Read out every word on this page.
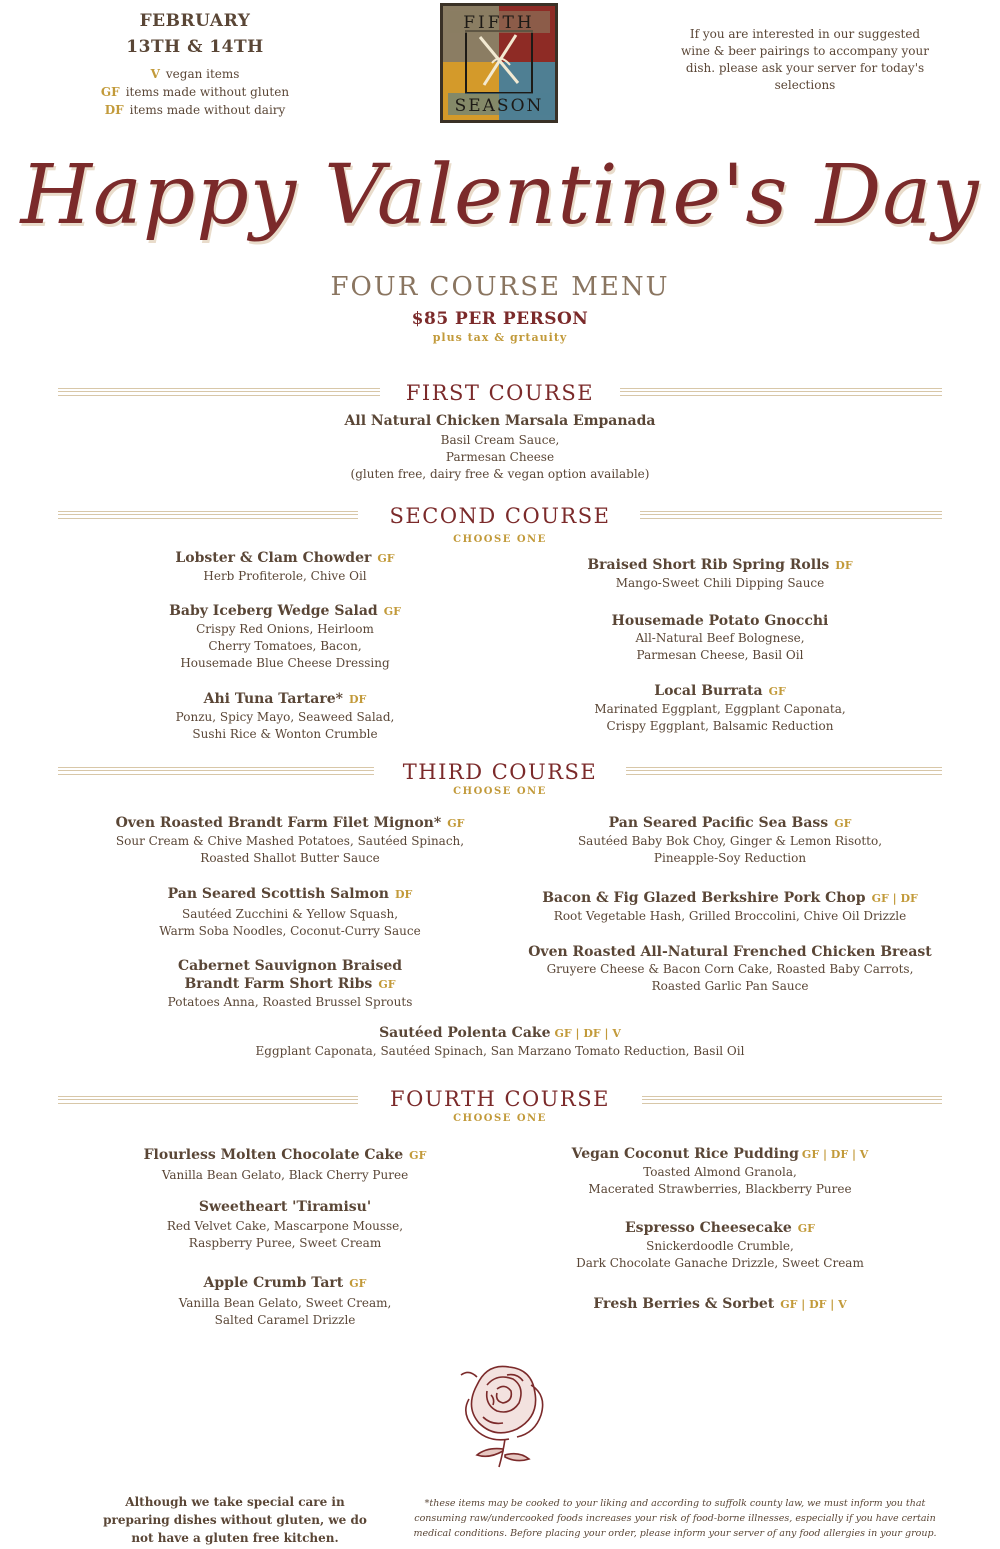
FEBRUARY
13TH & 14TH
V vegan items
GF items made without gluten
DF items made without dairy
FIFTH
SEASON
If you are interested in our suggested wine & beer pairings to accompany your dish. please ask your server for today's selections
Happy Valentine's Day
FOUR COURSE MENU
$85 PER PERSON
plus tax & grtauity
FIRST COURSE
All Natural Chicken Marsala Empanada
Basil Cream Sauce,
Parmesan Cheese
(gluten free, dairy free & vegan option available)
SECOND COURSE
CHOOSE ONE
Lobster & Clam Chowder GF
Herb Profiterole, Chive Oil
Baby Iceberg Wedge Salad GF
Crispy Red Onions, Heirloom
Cherry Tomatoes, Bacon,
Housemade Blue Cheese Dressing
Ahi Tuna Tartare* DF
Ponzu, Spicy Mayo, Seaweed Salad,
Sushi Rice & Wonton Crumble
Braised Short Rib Spring Rolls DF
Mango-Sweet Chili Dipping Sauce
Housemade Potato Gnocchi
All-Natural Beef Bolognese,
Parmesan Cheese, Basil Oil
Local Burrata GF
Marinated Eggplant, Eggplant Caponata,
Crispy Eggplant, Balsamic Reduction
THIRD COURSE
CHOOSE ONE
Oven Roasted Brandt Farm Filet Mignon* GF
Sour Cream & Chive Mashed Potatoes, Sautéed Spinach,
Roasted Shallot Butter Sauce
Pan Seared Scottish Salmon DF
Sautéed Zucchini & Yellow Squash,
Warm Soba Noodles, Coconut-Curry Sauce
Cabernet Sauvignon Braised
Brandt Farm Short Ribs GF
Potatoes Anna, Roasted Brussel Sprouts
Pan Seared Pacific Sea Bass GF
Sautéed Baby Bok Choy, Ginger & Lemon Risotto,
Pineapple-Soy Reduction
Bacon & Fig Glazed Berkshire Pork Chop GF | DF
Root Vegetable Hash, Grilled Broccolini, Chive Oil Drizzle
Oven Roasted All-Natural Frenched Chicken Breast
Gruyere Cheese & Bacon Corn Cake, Roasted Baby Carrots,
Roasted Garlic Pan Sauce
Sautéed Polenta Cake GF | DF | V
Eggplant Caponata, Sautéed Spinach, San Marzano Tomato Reduction, Basil Oil
FOURTH COURSE
CHOOSE ONE
Flourless Molten Chocolate Cake GF
Vanilla Bean Gelato, Black Cherry Puree
Sweetheart 'Tiramisu'
Red Velvet Cake, Mascarpone Mousse,
Raspberry Puree, Sweet Cream
Apple Crumb Tart GF
Vanilla Bean Gelato, Sweet Cream,
Salted Caramel Drizzle
Vegan Coconut Rice Pudding GF | DF | V
Toasted Almond Granola,
Macerated Strawberries, Blackberry Puree
Espresso Cheesecake GF
Snickerdoodle Crumble,
Dark Chocolate Ganache Drizzle, Sweet Cream
Fresh Berries & Sorbet GF | DF | V
Although we take special care in preparing dishes without gluten, we do not have a gluten free kitchen.
*these items may be cooked to your liking and according to suffolk county law, we must inform you that consuming raw/undercooked foods increases your risk of food-borne illnesses, especially if you have certain medical conditions. Before placing your order, please inform your server of any food allergies in your group.
